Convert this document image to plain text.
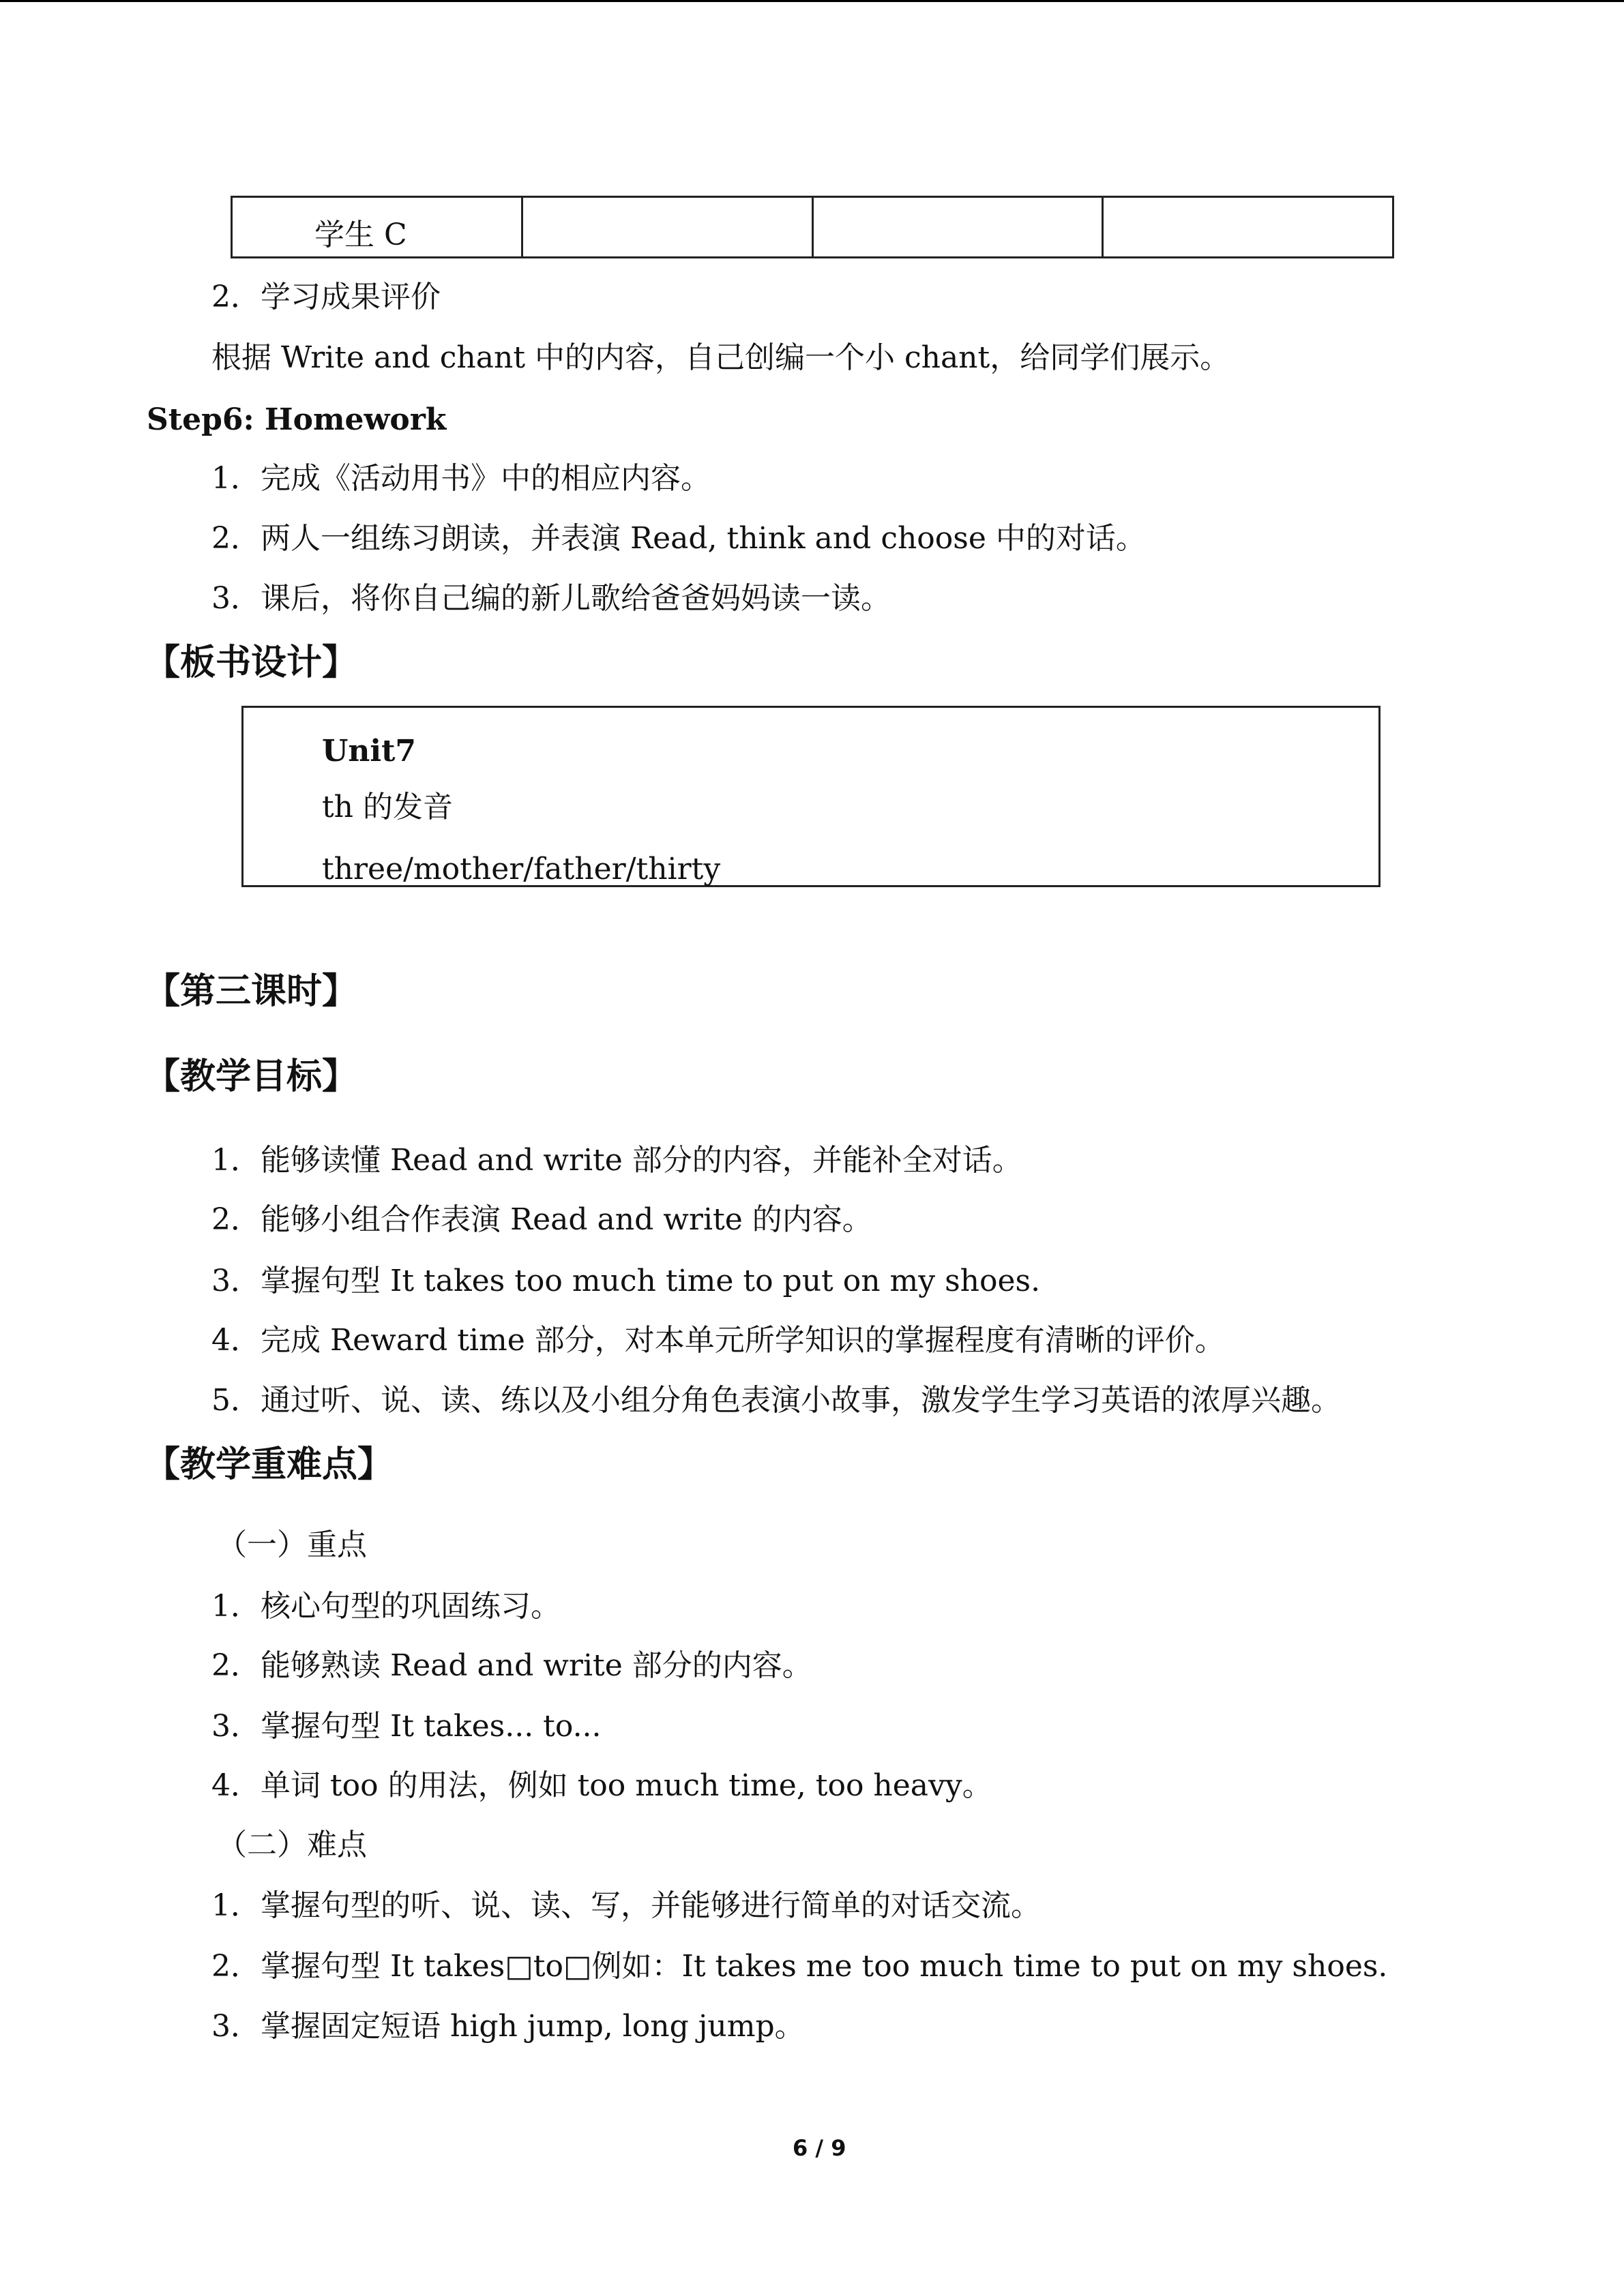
学生 C			
2．学习成果评价
根据 Write and chant 中的内容，自己创编一个小 chant，给同学们展示。
Step6: Homework
1．完成《活动用书》中的相应内容。
2．两人一组练习朗读，并表演 Read, think and choose 中的对话。
3．课后，将你自己编的新儿歌给爸爸妈妈读一读。
【板书设计】
Unit7
th 的发音
three/mother/father/thirty
【第三课时】
【教学目标】
1．能够读懂 Read and write 部分的内容，并能补全对话。
2．能够小组合作表演 Read and write 的内容。
3．掌握句型 It takes too much time to put on my shoes.
4．完成 Reward time 部分，对本单元所学知识的掌握程度有清晰的评价。
5．通过听、说、读、练以及小组分角色表演小故事，激发学生学习英语的浓厚兴趣。
【教学重难点】
（一）重点
1．核心句型的巩固练习。
2．能够熟读 Read and write 部分的内容。
3．掌握句型 It takes... to...
4．单词 too 的用法，例如 too much time, too heavy。
（二）难点
1．掌握句型的听、说、读、写，并能够进行简单的对话交流。
2．掌握句型 It takes□to□例如：It takes me too much time to put on my shoes.
3．掌握固定短语 high jump, long jump。
6 / 9
